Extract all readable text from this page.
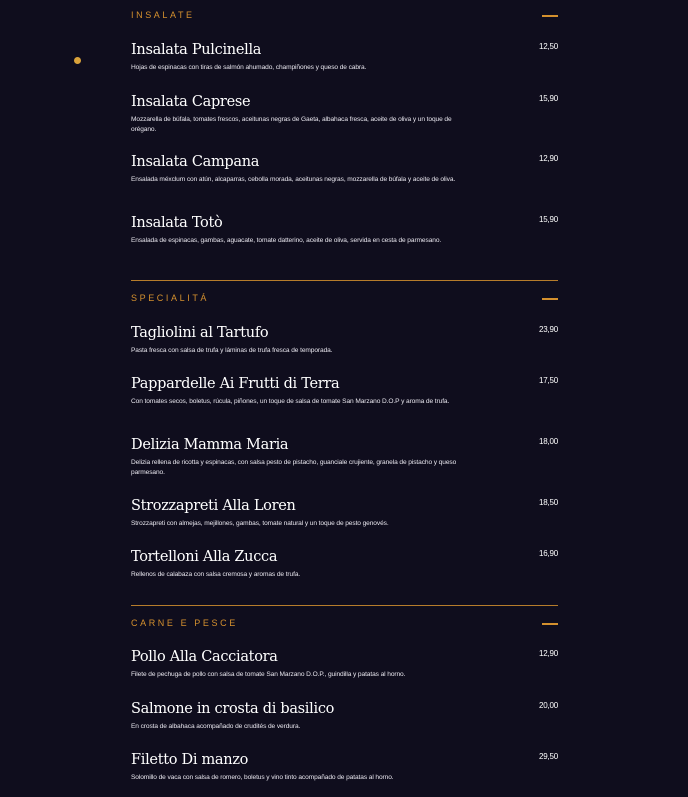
INSALATE
Insalata Pulcinella	12,50
Hojas de espinacas con tiras de salmón ahumado, champiñones y queso de cabra.
Insalata Caprese	15,90
Mozzarella de búfala, tomates frescos, aceitunas negras de Gaeta, albahaca fresca, aceite de oliva y un toque de orégano.
Insalata Campana	12,90
Ensalada méxclum con atún, alcaparras, cebolla morada, aceitunas negras, mozzarella de búfala y aceite de oliva.
Insalata Totò	15,90
Ensalada de espinacas, gambas, aguacate, tomate datterino, aceite de oliva, servida en cesta de parmesano.
SPECIALITÁ
Tagliolini al Tartufo	23,90
Pasta fresca con salsa de trufa y láminas de trufa fresca de temporada.
Pappardelle Ai Frutti di Terra	17,50
Con tomates secos, boletus, rúcula, piñones, un toque de salsa de tomate San Marzano D.O.P y aroma de trufa.
Delizia Mamma Maria	18,00
Delizia rellena de ricotta y espinacas, con salsa pesto de pistacho, guanciale crujiente, granela de pistacho y queso parmesano.
Strozzapreti Alla Loren	18,50
Strozzapreti con almejas, mejillones, gambas, tomate natural y un toque de pesto genovés.
Tortelloni Alla Zucca	16,90
Rellenos de calabaza con salsa cremosa y aromas de trufa.
CARNE E PESCE
Pollo Alla Cacciatora	12,90
Filete de pechuga de pollo con salsa de tomate San Marzano D.O.P., guindilla y patatas al horno.
Salmone in crosta di basilico	20,00
En crosta de albahaca acompañado de crudités de verdura.
Filetto Di manzo	29,50
Solomillo de vaca con salsa de romero, boletus y vino tinto acompañado de patatas al horno.
